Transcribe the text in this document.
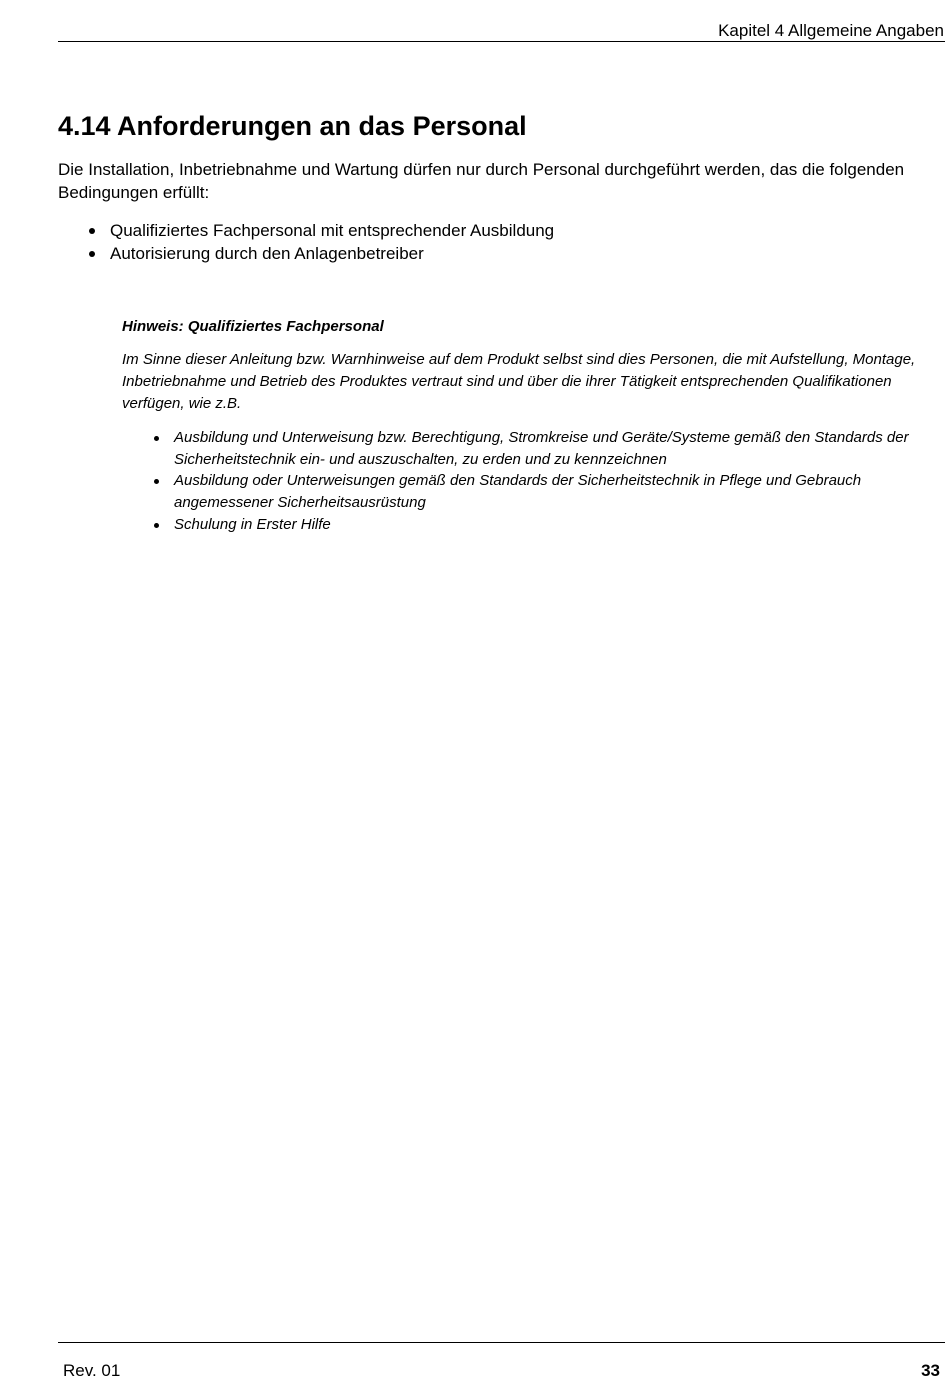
Kapitel 4 Allgemeine Angaben
4.14 Anforderungen an das Personal

Die Installation, Inbetriebnahme und Wartung dürfen nur durch Personal durchgeführt werden, das die folgenden Bedingungen erfüllt:

Qualifiziertes Fachpersonal mit entsprechender Ausbildung
Autorisierung durch den Anlagenbetreiber

Hinweis: Qualifiziertes Fachpersonal

Im Sinne dieser Anleitung bzw. Warnhinweise auf dem Produkt selbst sind dies Personen, die mit Aufstellung, Montage, Inbetriebnahme und Betrieb des Produktes vertraut sind und über die ihrer Tätigkeit entsprechenden Qualifikationen verfügen, wie z.B.

Ausbildung und Unterweisung bzw. Berechtigung, Stromkreise und Geräte/Systeme gemäß den Standards der Sicherheitstechnik ein- und auszuschalten, zu erden und zu kennzeichnen
Ausbildung oder Unterweisungen gemäß den Standards der Sicherheitstechnik in Pflege und Gebrauch angemessener Sicherheitsausrüstung
Schulung in Erster Hilfe
Rev. 01	33
